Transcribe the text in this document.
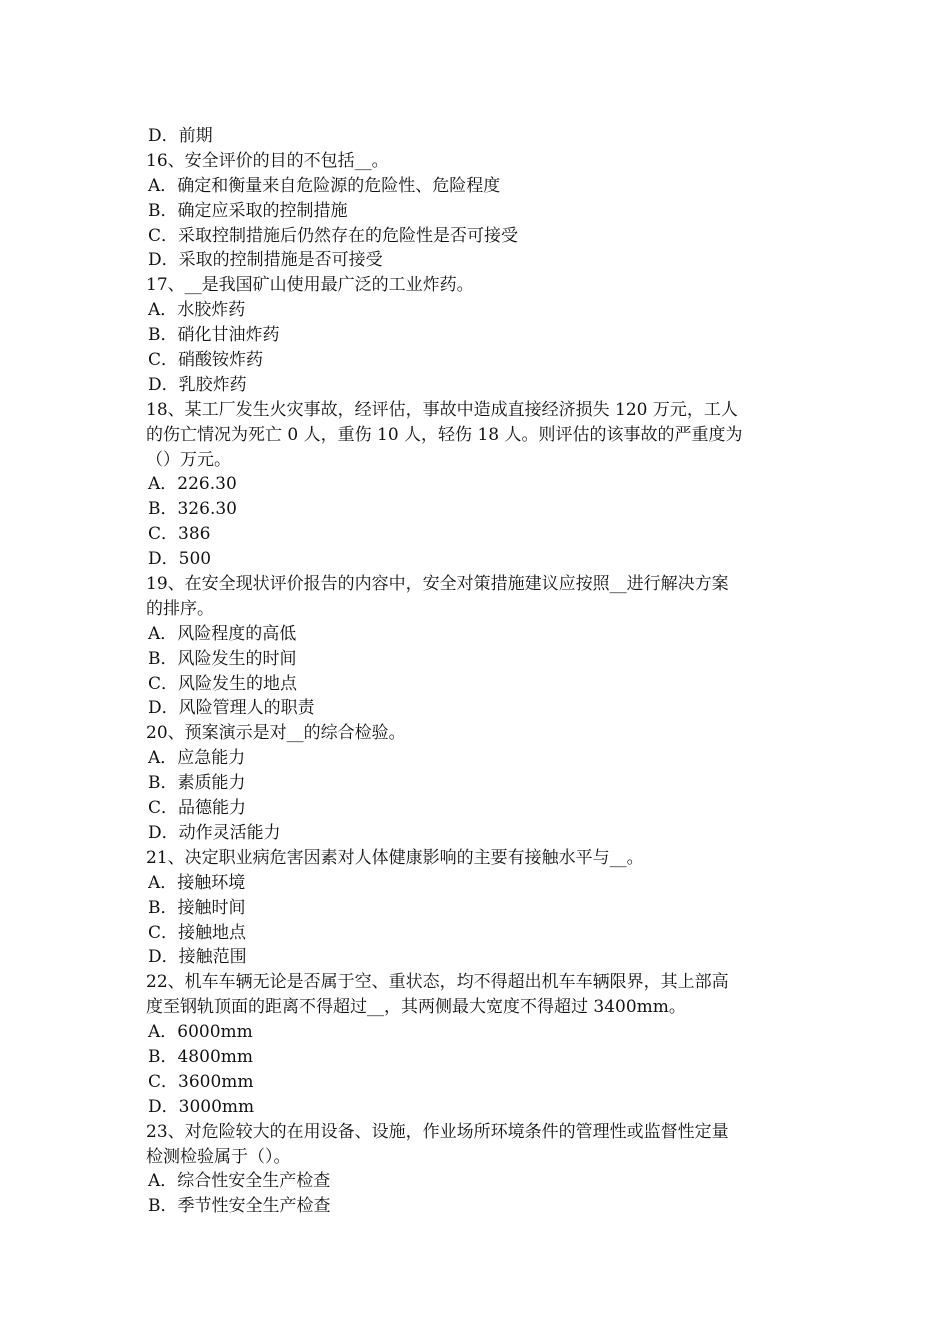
D．前期
16、安全评价的目的不包括__。
A．确定和衡量来自危险源的危险性、危险程度
B．确定应采取的控制措施
C．采取控制措施后仍然存在的危险性是否可接受
D．采取的控制措施是否可接受
17、__是我国矿山使用最广泛的工业炸药。
A．水胶炸药
B．硝化甘油炸药
C．硝酸铵炸药
D．乳胶炸药
18、某工厂发生火灾事故，经评估，事故中造成直接经济损失 120 万元，工人
的伤亡情况为死亡 0 人，重伤 10 人，轻伤 18 人。则评估的该事故的严重度为
（）万元。
A．226.30
B．326.30
C．386
D．500
19、在安全现状评价报告的内容中，安全对策措施建议应按照__进行解决方案
的排序。
A．风险程度的高低
B．风险发生的时间
C．风险发生的地点
D．风险管理人的职责
20、预案演示是对__的综合检验。
A．应急能力
B．素质能力
C．品德能力
D．动作灵活能力
21、决定职业病危害因素对人体健康影响的主要有接触水平与__。
A．接触环境
B．接触时间
C．接触地点
D．接触范围
22、机车车辆无论是否属于空、重状态，均不得超出机车车辆限界，其上部高
度至钢轨顶面的距离不得超过__，其两侧最大宽度不得超过 3400mm。
A．6000mm
B．4800mm
C．3600mm
D．3000mm
23、对危险较大的在用设备、设施，作业场所环境条件的管理性或监督性定量
检测检验属于（）。
A．综合性安全生产检查
B．季节性安全生产检查
